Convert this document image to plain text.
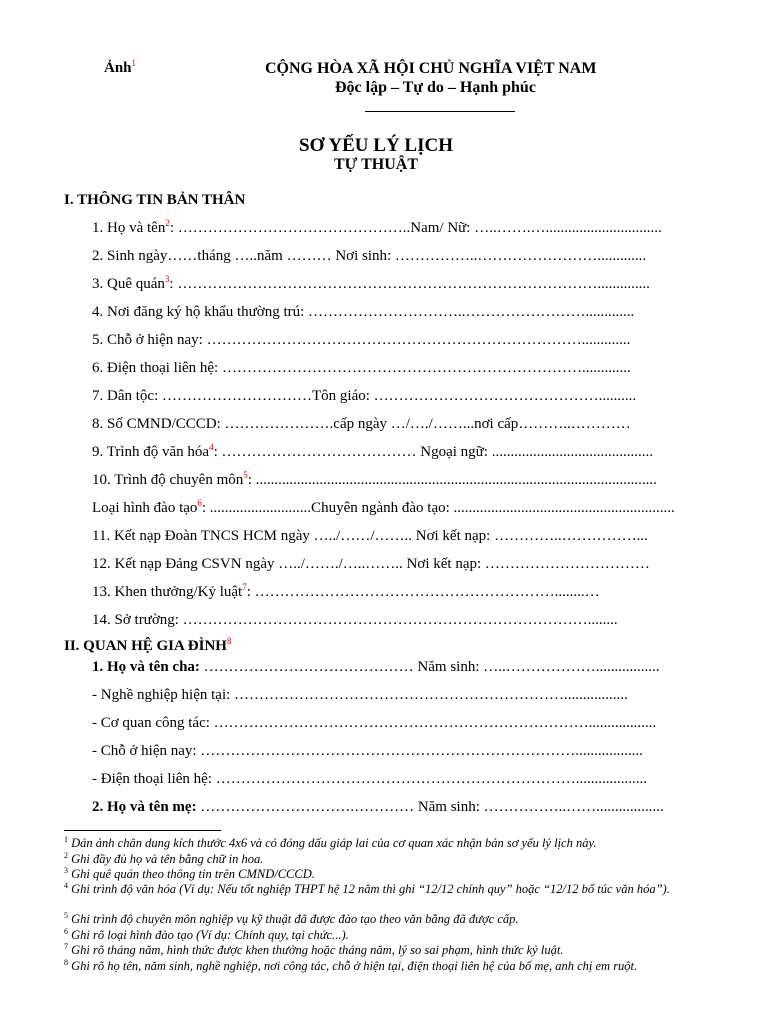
Ảnh$^1$	CỘNG HÒA XÃ HỘI CHỦ NGHĨA VIỆT NAM
Độc lập – Tự do – Hạnh phúc
SƠ YẾU LÝ LỊCH
TỰ THUẬT
I. THÔNG TIN BẢN THÂN
1. Họ và tên$^2$: ………………………………………..Nam/ Nữ: …..…….…...............................
2. Sinh ngày……tháng …..năm ……… Nơi sinh: ……………..…………………….............
3. Quê quán$^3$: …………………………………………………………………………..............
4. Nơi đăng ký hộ khẩu thường trú: …………………………..…………………….............
5. Chỗ ở hiện nay: ………………………………………………………………….............
6. Điện thoại liên hệ: ……………………………………………………………….............
7. Dân tộc: …………………………Tôn giáo: ………………………………………..........
8. Số CMND/CCCD: ………………….cấp ngày …/…./……...nơi cấp………..…………
9. Trình độ văn hóa$^4$: ………………………………… Ngoại ngữ: ...........................................
10. Trình độ chuyên môn$^5$: ...........................................................................................................
Loại hình đào tạo$^6$: ...........................Chuyên ngành đào tạo: ...........................................................
11. Kết nạp Đoàn TNCS HCM ngày …../……/…….. Nơi kết nạp: …………..……………...
12. Kết nạp Đảng CSVN ngày …../……./…..…….. Nơi kết nạp: ……………………………
13. Khen thưởng/Kỷ luật$^7$: ……………………………………………………........…
14. Sở trường: ………………………………………………………………………........
II. QUAN HỆ GIA ĐÌNH$^8$
1. Họ và tên cha: …………………………………… Năm sinh: …..……………….................
- Nghề nghiệp hiện tại: ………………………………………………………….................
- Cơ quan công tác: …………………………………………………………………..................
- Chỗ ở hiện nay: …………………………………………………………………..................
- Điện thoại liên hệ: ………………………………………………………………...................
2. Họ và tên mẹ: ………………………….………… Năm sinh: ……………..……..................
$^1$ Dán ảnh chân dung kích thước 4x6 và có đóng dấu giáp lai của cơ quan xác nhận bản sơ yếu lý lịch này.
$^2$ Ghi đầy đủ họ và tên bằng chữ in hoa.
$^3$ Ghi quê quán theo thông tin trên CMND/CCCD.
$^4$ Ghi trình độ văn hóa (Ví dụ: Nếu tốt nghiệp THPT hệ 12 năm thì ghi “12/12 chính quy” hoặc “12/12 bổ túc văn hóa”).
$^5$ Ghi trình độ chuyên môn nghiệp vụ kỹ thuật đã được đào tạo theo văn bằng đã được cấp.
$^6$ Ghi rõ loại hình đào tạo (Ví dụ: Chính quy, tại chức...).
$^7$ Ghi rõ tháng năm, hình thức được khen thưởng hoặc tháng năm, lý so sai phạm, hình thức kỷ luật.
$^8$ Ghi rõ họ tên, năm sinh, nghề nghiệp, nơi công tác, chỗ ở hiện tại, điện thoại liên hệ của bố mẹ, anh chị em ruột.
